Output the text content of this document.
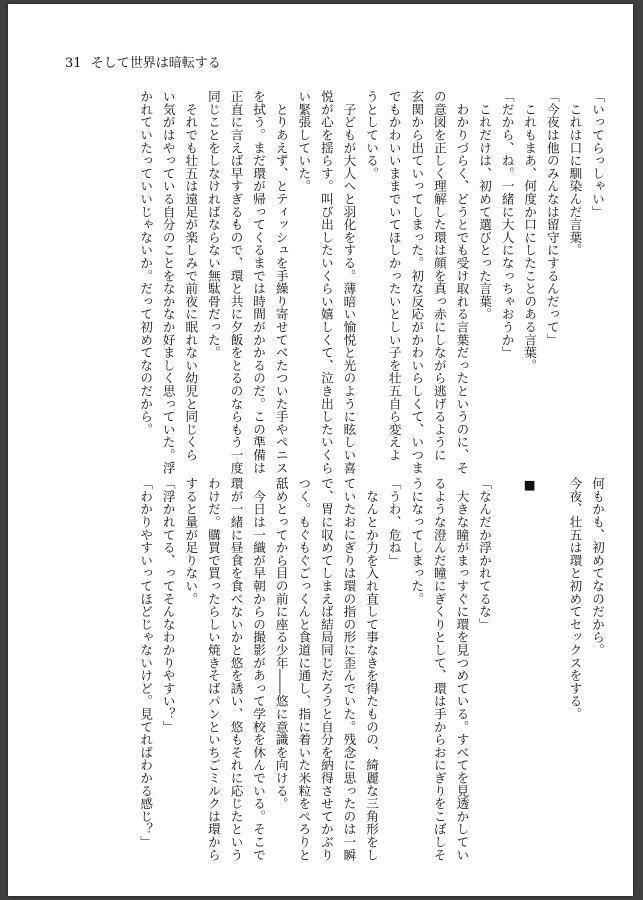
31 そして世界は暗転する
「いってらっしゃい」
　これは口に馴染んだ言葉。
「今夜は他のみんなは留守にするんだって」
　これもまあ、何度か口にしたことのある言葉。
「だから、ね。一緒に大人になっちゃおうか」
　これだけは、初めて選びとった言葉。
　わかりづらく、どうとでも受け取れる言葉だったというのに、そ
の意図を正しく理解した環は顔を真っ赤にしながら逃げるように
玄関から出ていってしまった。初な反応がかわいらしくて、いつま
でもかわいいままでいてほしかったいとしい子を壮五自ら変えよ
うとしている。
　子どもが大人へと羽化をする。薄暗い愉悦と光のように眩しい喜
悦が心を揺らす。叫び出したいくらい嬉しくて、泣き出したいくら
い緊張していた。
　とりあえず、とティッシュを手繰り寄せてべたついた手やペニス
を拭う。まだ環が帰ってくるまでは時間がかかるのだ。この準備は
正直に言えば早すぎるもので、環と共に夕飯をとるのならもう一度
同じことをしなければならない無駄骨だった。
　それでも壮五は遠足が楽しみで前夜に眠れない幼児と同じくら
い気がはやっている自分のことをなかなか好ましく思っていた。浮
かれていたっていいじゃないか。だって初めてなのだから。
何もかも、初めてなのだから。
今夜、壮五は環と初めてセックスをする。

■

「なんだか浮かれてるな」
　大きな瞳がまっすぐに環を見つめている。すべてを見透かしてい
るような澄んだ瞳にぎくりとして、環は手からおにぎりをこぼしそ
うになってしまった。
「うわ、危ね」
　なんとか力を入れ直して事なきを得たものの、綺麗な三角形をし
ていたおにぎりは環の指の形に歪んでいた。残念に思ったのは一瞬
で、胃に収めてしまえば結局同じだろうと自分を納得させてかぶり
つく。もぐもぐごっくんと食道に通し、指に着いた米粒をぺろりと
舐めとってから目の前に座る少年――悠に意識を向ける。
　今日は一織が早朝からの撮影があって学校を休んでいる。そこで
環が一緒に昼食を食べないかと悠を誘い、悠もそれに応じたという
わけだ。購買で買ったらしい焼きそばパンといちごミルクは環から
すると量が足りない。
「浮かれてる、ってそんなわかりやすい？」
「わかりやすいってほどじゃないけど。見てればわかる感じ？」
